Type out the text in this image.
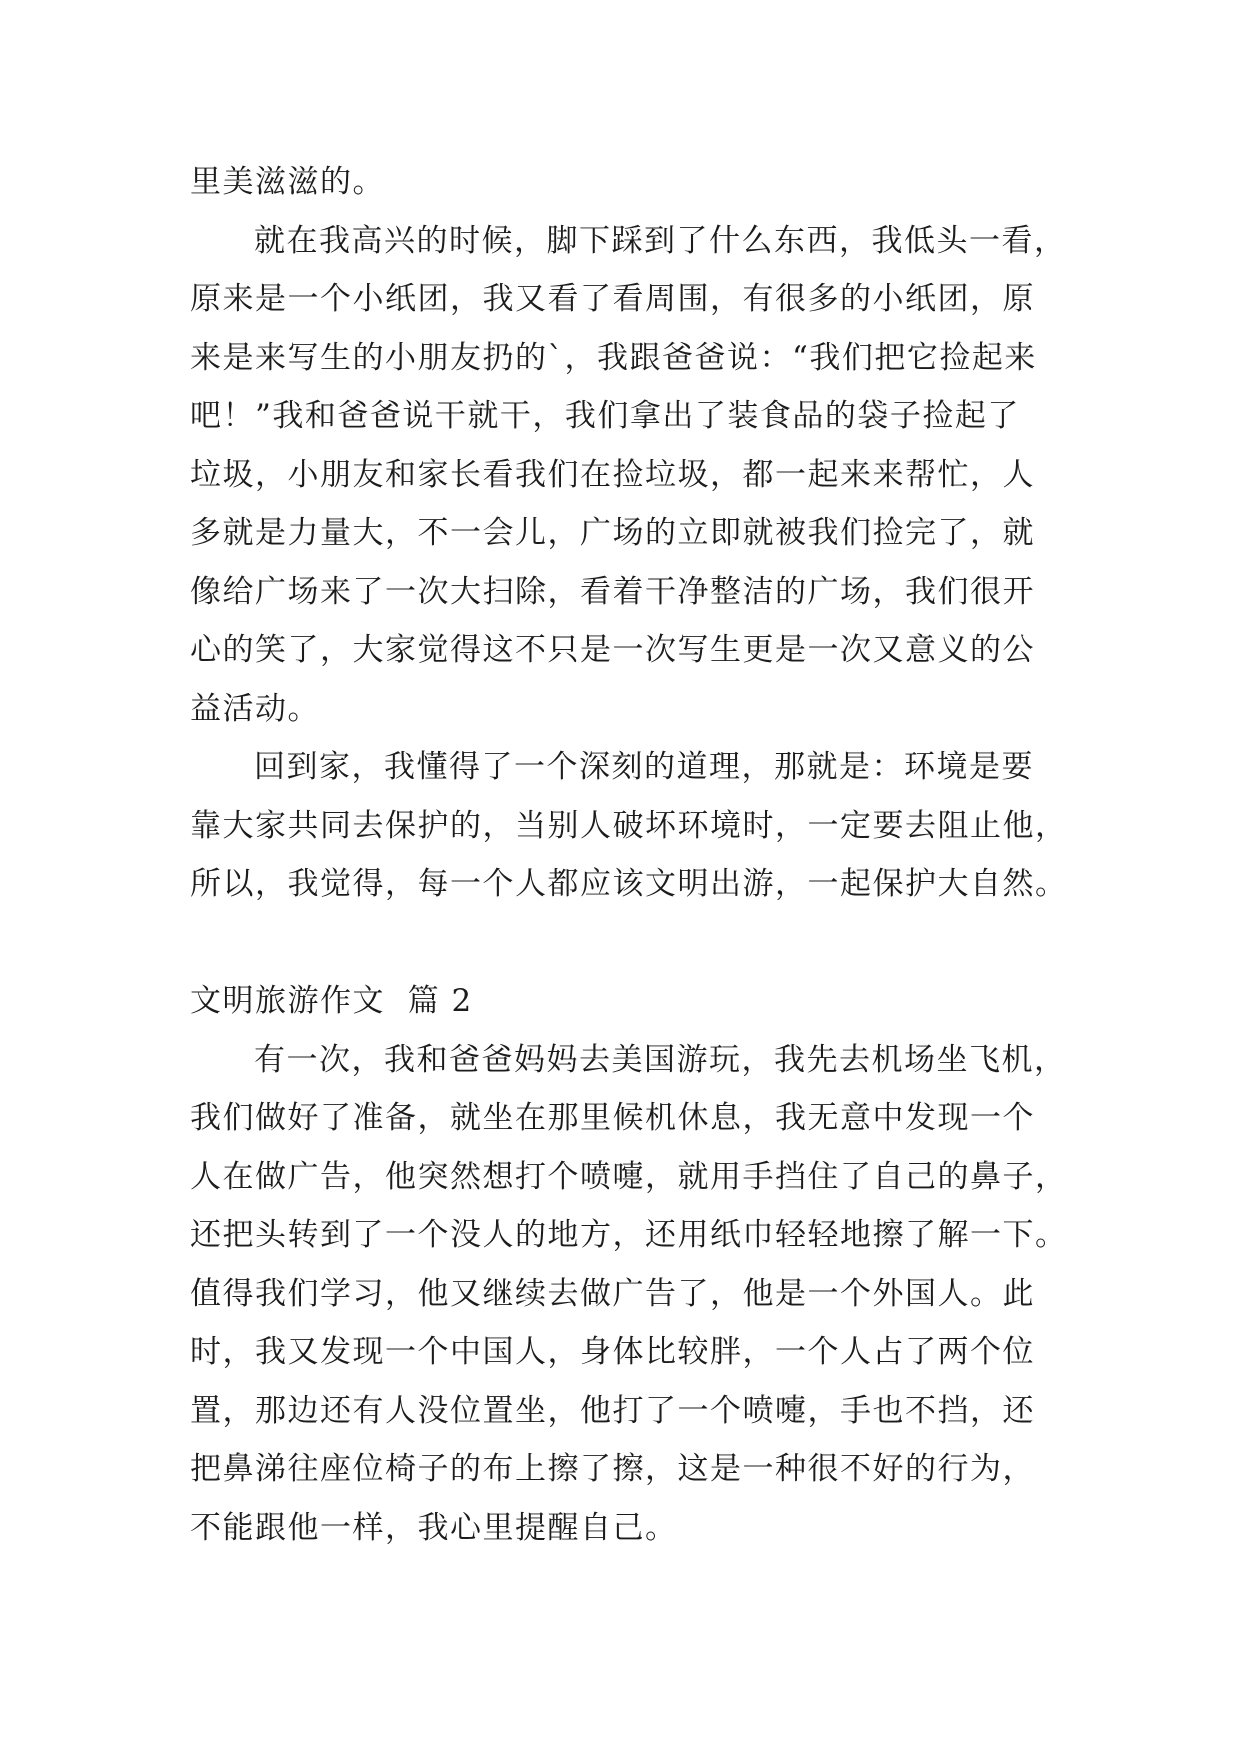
里美滋滋的。
就在我高兴的时候，脚下踩到了什么东西，我低头一看，
原来是一个小纸团，我又看了看周围，有很多的小纸团，原
来是来写生的小朋友扔的`，我跟爸爸说：“我们把它捡起来
吧！”我和爸爸说干就干，我们拿出了装食品的袋子捡起了
垃圾，小朋友和家长看我们在捡垃圾，都一起来来帮忙，人
多就是力量大，不一会儿，广场的立即就被我们捡完了，就
像给广场来了一次大扫除，看着干净整洁的广场，我们很开
心的笑了，大家觉得这不只是一次写生更是一次又意义的公
益活动。
回到家，我懂得了一个深刻的道理，那就是：环境是要
靠大家共同去保护的，当别人破坏环境时，一定要去阻止他，
所以，我觉得，每一个人都应该文明出游，一起保护大自然。
文明旅游作文  篇 2
有一次，我和爸爸妈妈去美国游玩，我先去机场坐飞机，
我们做好了准备，就坐在那里候机休息，我无意中发现一个
人在做广告，他突然想打个喷嚏，就用手挡住了自己的鼻子，
还把头转到了一个没人的地方，还用纸巾轻轻地擦了解一下。
值得我们学习，他又继续去做广告了，他是一个外国人。此
时，我又发现一个中国人，身体比较胖，一个人占了两个位
置，那边还有人没位置坐，他打了一个喷嚏，手也不挡，还
把鼻涕往座位椅子的布上擦了擦，这是一种很不好的行为，
不能跟他一样，我心里提醒自己。
